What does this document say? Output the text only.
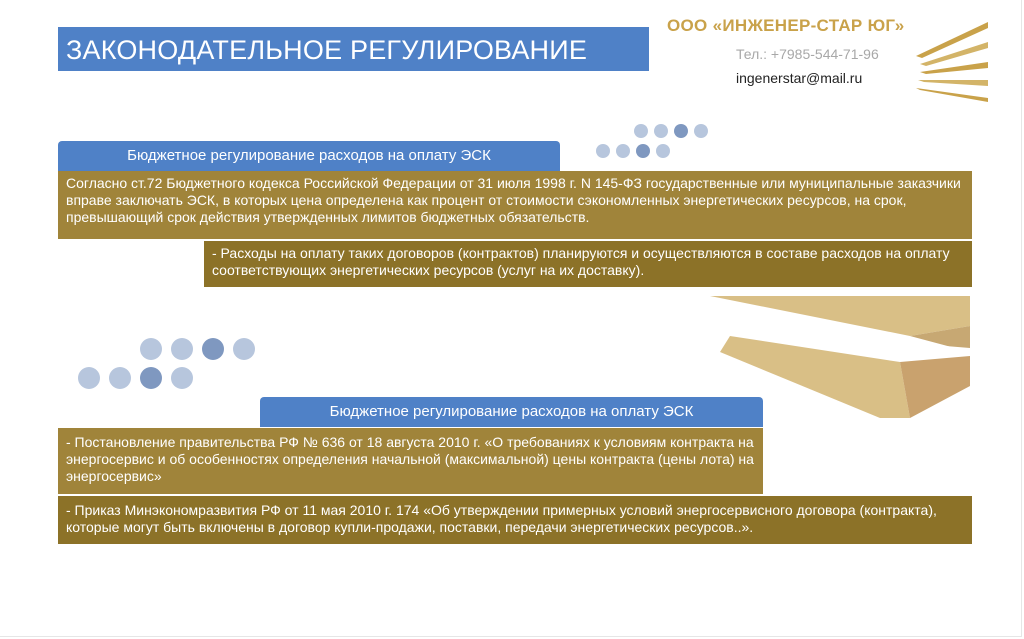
ЗАКОНОДАТЕЛЬНОЕ РЕГУЛИРОВАНИЕ
ООО «ИНЖЕНЕР-СТАР ЮГ»
Тел.: +7985-544-71-96
ingenerstar@mail.ru
Бюджетное регулирование расходов на оплату ЭСК
Согласно ст.72 Бюджетного кодекса Российской Федерации от 31 июля 1998 г. N 145-ФЗ государственные или муниципальные заказчики вправе заключать ЭСК, в которых цена определена как процент от стоимости сэкономленных энергетических ресурсов, на срок, превышающий срок действия утвержденных лимитов бюджетных обязательств.
- Расходы на оплату таких договоров (контрактов) планируются и осуществляются в составе расходов на оплату соответствующих энергетических ресурсов (услуг на их доставку).
Бюджетное регулирование расходов на оплату ЭСК
- Постановление правительства РФ № 636 от 18 августа 2010 г. «О требованиях к условиям контракта на энергосервис и об особенностях определения начальной (максимальной) цены контракта (цены лота) на энергосервис»
- Приказ Минэкономразвития РФ от 11 мая 2010 г. 174 «Об утверждении примерных условий энергосервисного договора (контракта), которые могут быть включены в договор купли-продажи, поставки, передачи энергетических ресурсов..».
